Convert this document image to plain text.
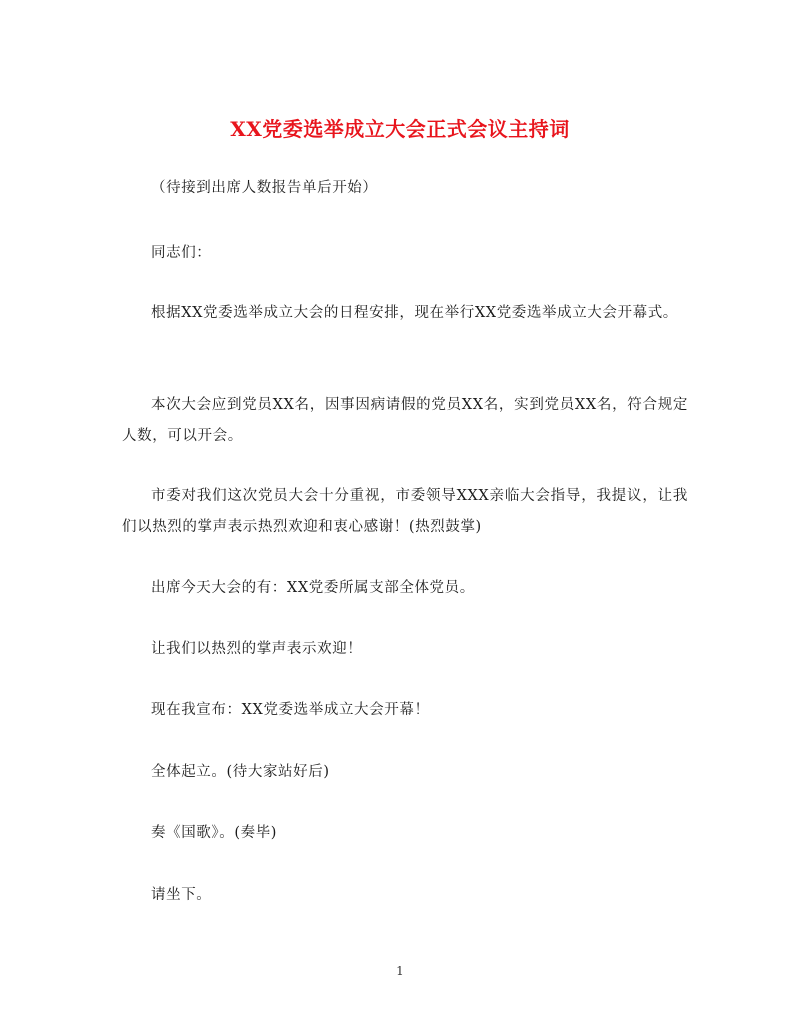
XX党委选举成立大会正式会议主持词

（待接到出席人数报告单后开始）

同志们：

根据XX党委选举成立大会的日程安排，现在举行XX党委选举成立大会开幕式。

本次大会应到党员XX名，因事因病请假的党员XX名，实到党员XX名，符合规定人数，可以开会。

市委对我们这次党员大会十分重视，市委领导XXX亲临大会指导，我提议，让我们以热烈的掌声表示热烈欢迎和衷心感谢！(热烈鼓掌)

出席今天大会的有：XX党委所属支部全体党员。

让我们以热烈的掌声表示欢迎！

现在我宣布：XX党委选举成立大会开幕！

全体起立。(待大家站好后)

奏《国歌》。(奏毕)

请坐下。

1
